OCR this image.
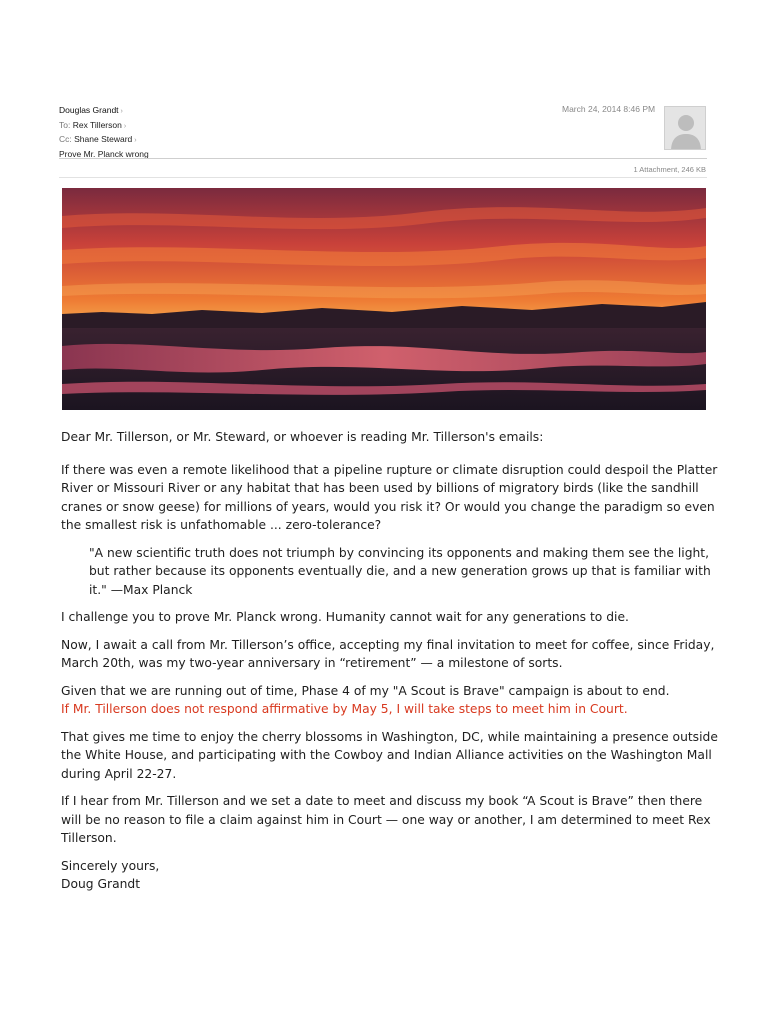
Douglas Grandt ›
To: Rex Tillerson ›
Cc: Shane Steward ›
Prove Mr. Planck wrong
March 24, 2014 8:46 PM
1 Attachment, 246 KB

Dear Mr. Tillerson, or Mr. Steward, or whoever is reading Mr. Tillerson's emails:

If there was even a remote likelihood that a pipeline rupture or climate disruption could despoil the Platter River or Missouri River or any habitat that has been used by billions of migratory birds (like the sandhill cranes or snow geese) for millions of years, would you risk it? Or would you change the paradigm so even the smallest risk is unfathomable ... zero-tolerance?

"A new scientific truth does not triumph by convincing its opponents and making them see the light, but rather because its opponents eventually die, and a new generation grows up that is familiar with it." —Max Planck

I challenge you to prove Mr. Planck wrong. Humanity cannot wait for any generations to die.

Now, I await a call from Mr. Tillerson’s office, accepting my final invitation to meet for coffee, since Friday, March 20th, was my two-year anniversary in “retirement” — a milestone of sorts.

Given that we are running out of time, Phase 4 of my "A Scout is Brave" campaign is about to end.
If Mr. Tillerson does not respond affirmative by May 5, I will take steps to meet him in Court.

That gives me time to enjoy the cherry blossoms in Washington, DC, while maintaining a presence outside the White House, and participating with the Cowboy and Indian Alliance activities on the Washington Mall during April 22-27.

If I hear from Mr. Tillerson and we set a date to meet and discuss my book “A Scout is Brave” then there will be no reason to file a claim against him in Court — one way or another, I am determined to meet Rex Tillerson.

Sincerely yours,
Doug Grandt
